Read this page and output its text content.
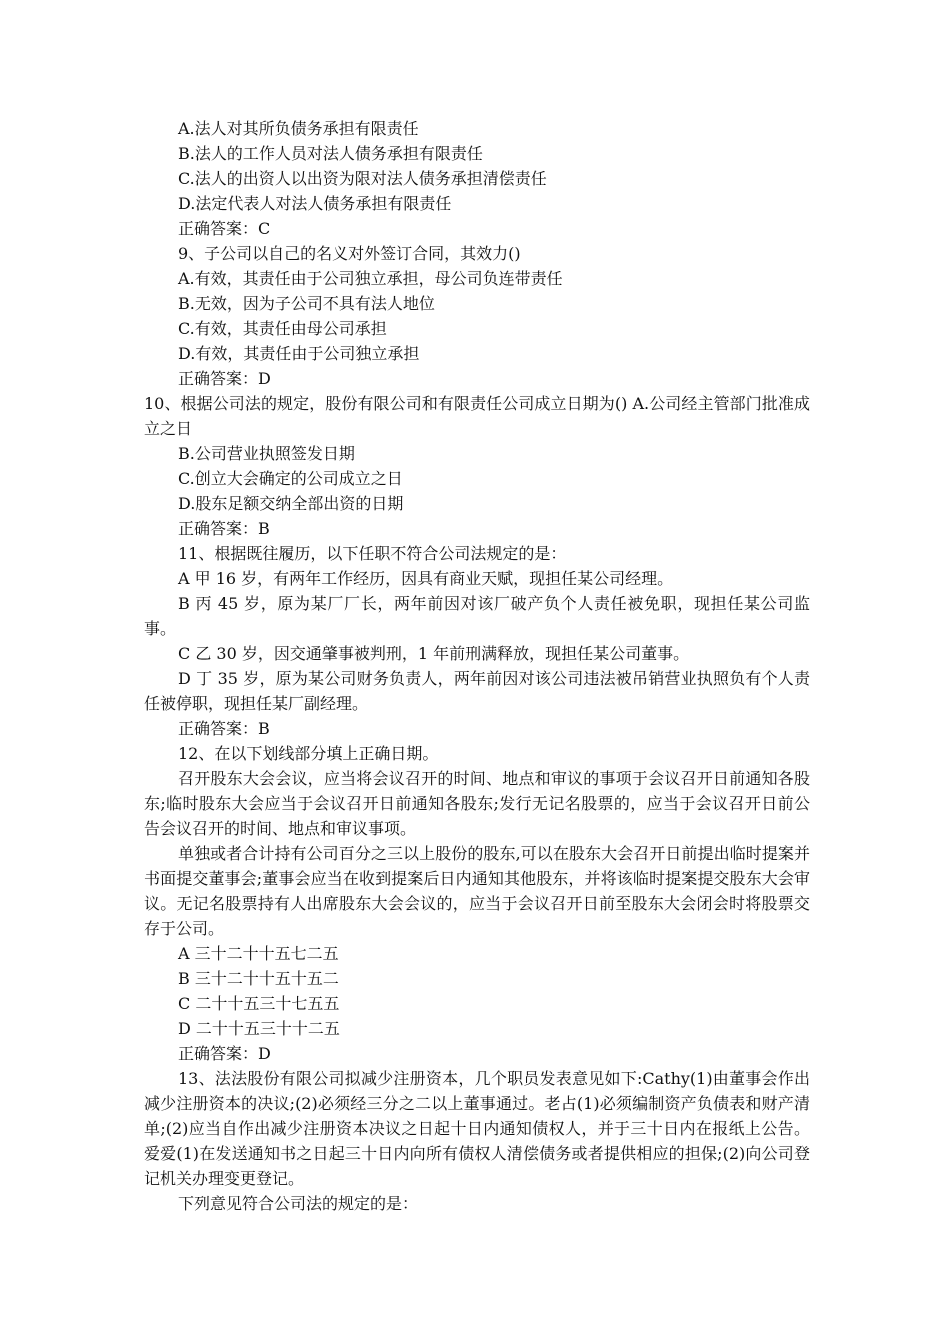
A.法人对其所负债务承担有限责任

B.法人的工作人员对法人债务承担有限责任

C.法人的出资人以出资为限对法人债务承担清偿责任

D.法定代表人对法人债务承担有限责任

正确答案：C

9、子公司以自己的名义对外签订合同，其效力()

A.有效，其责任由于公司独立承担，母公司负连带责任

B.无效，因为子公司不具有法人地位

C.有效，其责任由母公司承担

D.有效，其责任由于公司独立承担

正确答案：D

10、根据公司法的规定，股份有限公司和有限责任公司成立日期为() A.公司经主管部门批准成立之日

B.公司营业执照签发日期

C.创立大会确定的公司成立之日

D.股东足额交纳全部出资的日期

正确答案：B

11、根据既往履历，以下任职不符合公司法规定的是：

A 甲 16 岁，有两年工作经历，因具有商业天赋，现担任某公司经理。

B 丙 45 岁，原为某厂厂长，两年前因对该厂破产负个人责任被免职，现担任某公司监事。

C 乙 30 岁，因交通肇事被判刑，1 年前刑满释放，现担任某公司董事。

D 丁 35 岁，原为某公司财务负责人，两年前因对该公司违法被吊销营业执照负有个人责任被停职，现担任某厂副经理。

正确答案：B

12、在以下划线部分填上正确日期。

召开股东大会会议，应当将会议召开的时间、地点和审议的事项于会议召开日前通知各股东;临时股东大会应当于会议召开日前通知各股东;发行无记名股票的，应当于会议召开日前公告会议召开的时间、地点和审议事项。

单独或者合计持有公司百分之三以上股份的股东,可以在股东大会召开日前提出临时提案并书面提交董事会;董事会应当在收到提案后日内通知其他股东，并将该临时提案提交股东大会审议。无记名股票持有人出席股东大会会议的，应当于会议召开日前至股东大会闭会时将股票交存于公司。

A 三十二十十五七二五

B 三十二十十五十五二

C 二十十五三十七五五

D 二十十五三十十二五

正确答案：D

13、法法股份有限公司拟减少注册资本，几个职员发表意见如下:Cathy(1)由董事会作出减少注册资本的决议;(2)必须经三分之二以上董事通过。老占(1)必须编制资产负债表和财产清单;(2)应当自作出减少注册资本决议之日起十日内通知债权人，并于三十日内在报纸上公告。爱爱(1)在发送通知书之日起三十日内向所有债权人清偿债务或者提供相应的担保;(2)向公司登记机关办理变更登记。

下列意见符合公司法的规定的是：
